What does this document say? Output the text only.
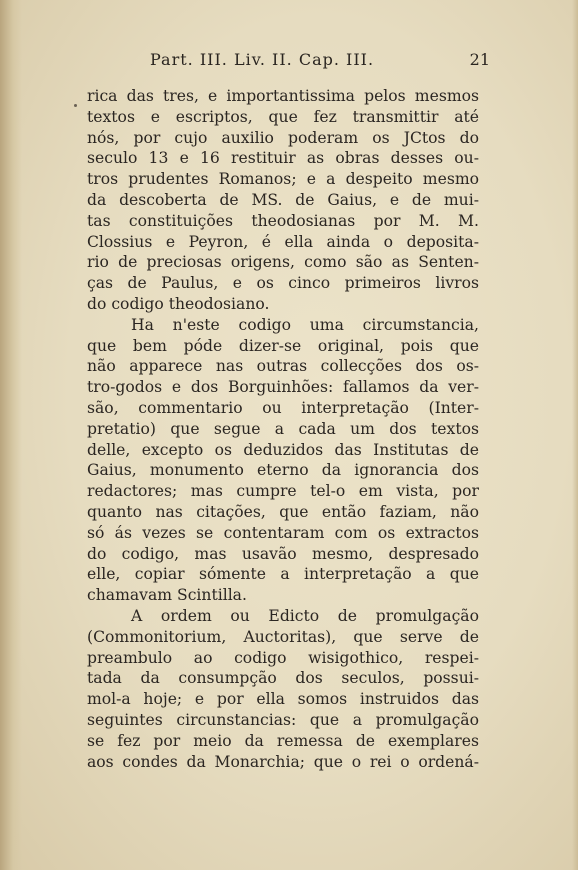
Part. III. Liv. II. Cap. III.	21
rica das tres, e importantissima pelos mesmos
textos e escriptos, que fez transmittir até
nós, por cujo auxilio poderam os JCtos do
seculo 13 e 16 restituir as obras desses ou-
tros prudentes Romanos; e a despeito mesmo
da descoberta de MS. de Gaius, e de mui-
tas constituições theodosianas por M. M.
Clossius e Peyron, é ella ainda o deposita-
rio de preciosas origens, como são as Senten-
ças de Paulus, e os cinco primeiros livros
do codigo theodosiano.
Ha n'este codigo uma circumstancia,
que bem póde dizer-se original, pois que
não apparece nas outras collecções dos os-
tro-godos e dos Borguinhões: fallamos da ver-
são, commentario ou interpretação (Inter-
pretatio) que segue a cada um dos textos
delle, excepto os deduzidos das Institutas de
Gaius, monumento eterno da ignorancia dos
redactores; mas cumpre tel-o em vista, por
quanto nas citações, que então faziam, não
só ás vezes se contentaram com os extractos
do codigo, mas usavão mesmo, despresado
elle, copiar sómente a interpretação a que
chamavam Scintilla.
A ordem ou Edicto de promulgação
(Commonitorium, Auctoritas), que serve de
preambulo ao codigo wisigothico, respei-
tada da consumpção dos seculos, possui-
mol-a hoje; e por ella somos instruidos das
seguintes circunstancias: que a promulgação
se fez por meio da remessa de exemplares
aos condes da Monarchia; que o rei o ordená-
